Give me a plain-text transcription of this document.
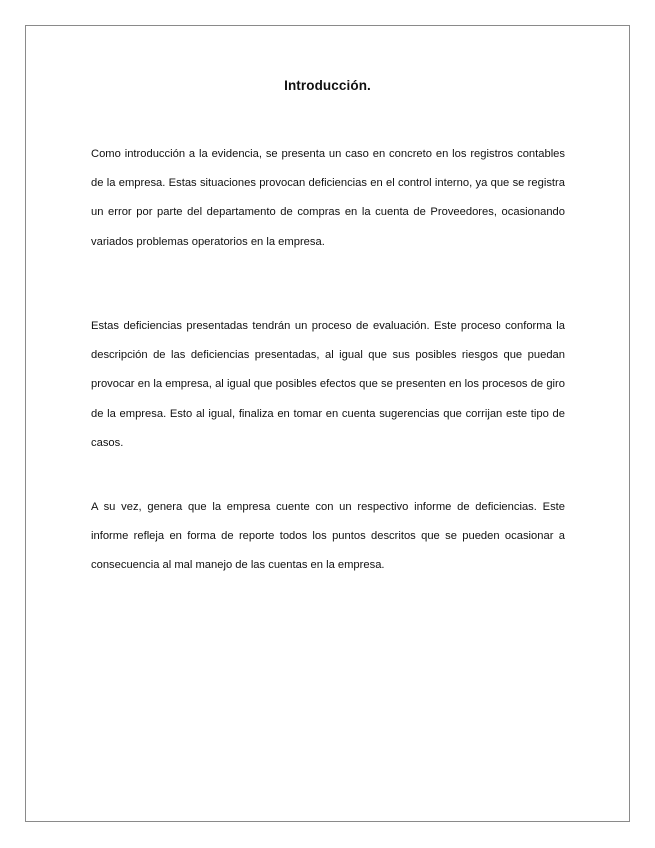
Introducción.

Como introducción a la evidencia, se presenta un caso en concreto en los registros contables de la empresa. Estas situaciones provocan deficiencias en el control interno, ya que se registra un error por parte del departamento de compras en la cuenta de Proveedores, ocasionando variados problemas operatorios en la empresa.

Estas deficiencias presentadas tendrán un proceso de evaluación. Este proceso conforma la descripción de las deficiencias presentadas, al igual que sus posibles riesgos que puedan provocar en la empresa, al igual que posibles efectos que se presenten en los procesos de giro de la empresa. Esto al igual, finaliza en tomar en cuenta sugerencias que corrijan este tipo de casos.

A su vez, genera que la empresa cuente con un respectivo informe de deficiencias. Este informe refleja en forma de reporte todos los puntos descritos que se pueden ocasionar a consecuencia al mal manejo de las cuentas en la empresa.
